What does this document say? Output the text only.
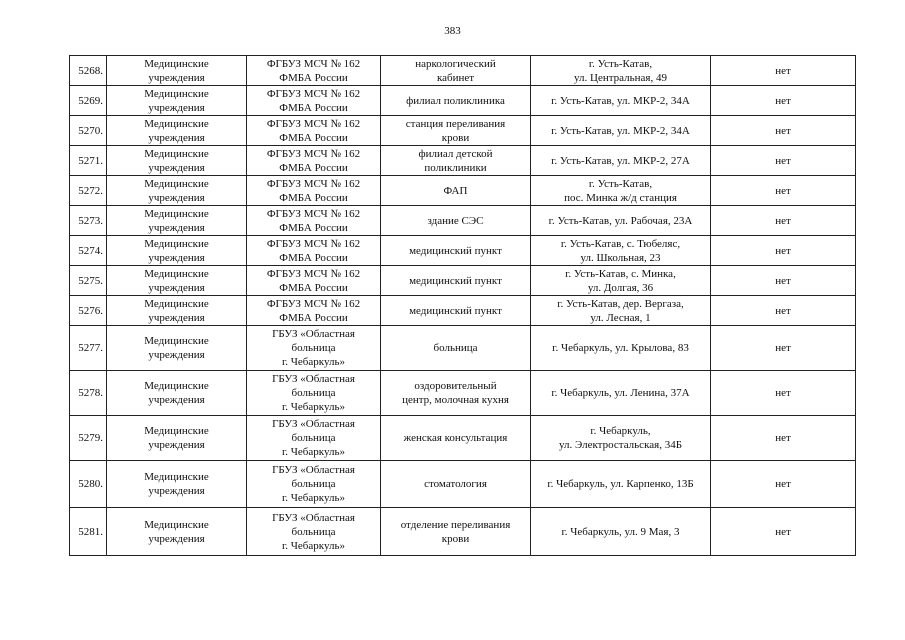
383
5268.	Медицинские
учреждения	ФГБУЗ МСЧ № 162
ФМБА России	наркологический
кабинет	г. Усть-Катав,
ул. Центральная, 49	нет
5269.	Медицинские
учреждения	ФГБУЗ МСЧ № 162
ФМБА России	филиал поликлиника	г. Усть-Катав, ул. МКР-2, 34А	нет
5270.	Медицинские
учреждения	ФГБУЗ МСЧ № 162
ФМБА России	станция переливания
крови	г. Усть-Катав, ул. МКР-2, 34А	нет
5271.	Медицинские
учреждения	ФГБУЗ МСЧ № 162
ФМБА России	филиал детской
поликлиники	г. Усть-Катав, ул. МКР-2, 27А	нет
5272.	Медицинские
учреждения	ФГБУЗ МСЧ № 162
ФМБА России	ФАП	г. Усть-Катав,
пос. Минка ж/д станция	нет
5273.	Медицинские
учреждения	ФГБУЗ МСЧ № 162
ФМБА России	здание СЭС	г. Усть-Катав, ул. Рабочая, 23А	нет
5274.	Медицинские
учреждения	ФГБУЗ МСЧ № 162
ФМБА России	медицинский пункт	г. Усть-Катав, с. Тюбеляс,
ул. Школьная, 23	нет
5275.	Медицинские
учреждения	ФГБУЗ МСЧ № 162
ФМБА России	медицинский пункт	г. Усть-Катав, с. Минка,
ул. Долгая, 36	нет
5276.	Медицинские
учреждения	ФГБУЗ МСЧ № 162
ФМБА России	медицинский пункт	г. Усть-Катав, дер. Вергаза,
ул. Лесная, 1	нет
5277.	Медицинские
учреждения	ГБУЗ «Областная
больница
г. Чебаркуль»	больница	г. Чебаркуль, ул. Крылова, 83	нет
5278.	Медицинские
учреждения	ГБУЗ «Областная
больница
г. Чебаркуль»	оздоровительный
центр, молочная кухня	г. Чебаркуль, ул. Ленина, 37А	нет
5279.	Медицинские
учреждения	ГБУЗ «Областная
больница
г. Чебаркуль»	женская консультация	г. Чебаркуль,
ул. Электростальская, 34Б	нет
5280.	Медицинские
учреждения	ГБУЗ «Областная
больница
г. Чебаркуль»	стоматология	г. Чебаркуль, ул. Карпенко, 13Б	нет
5281.	Медицинские
учреждения	ГБУЗ «Областная
больница
г. Чебаркуль»	отделение переливания
крови	г. Чебаркуль, ул. 9 Мая, 3	нет
